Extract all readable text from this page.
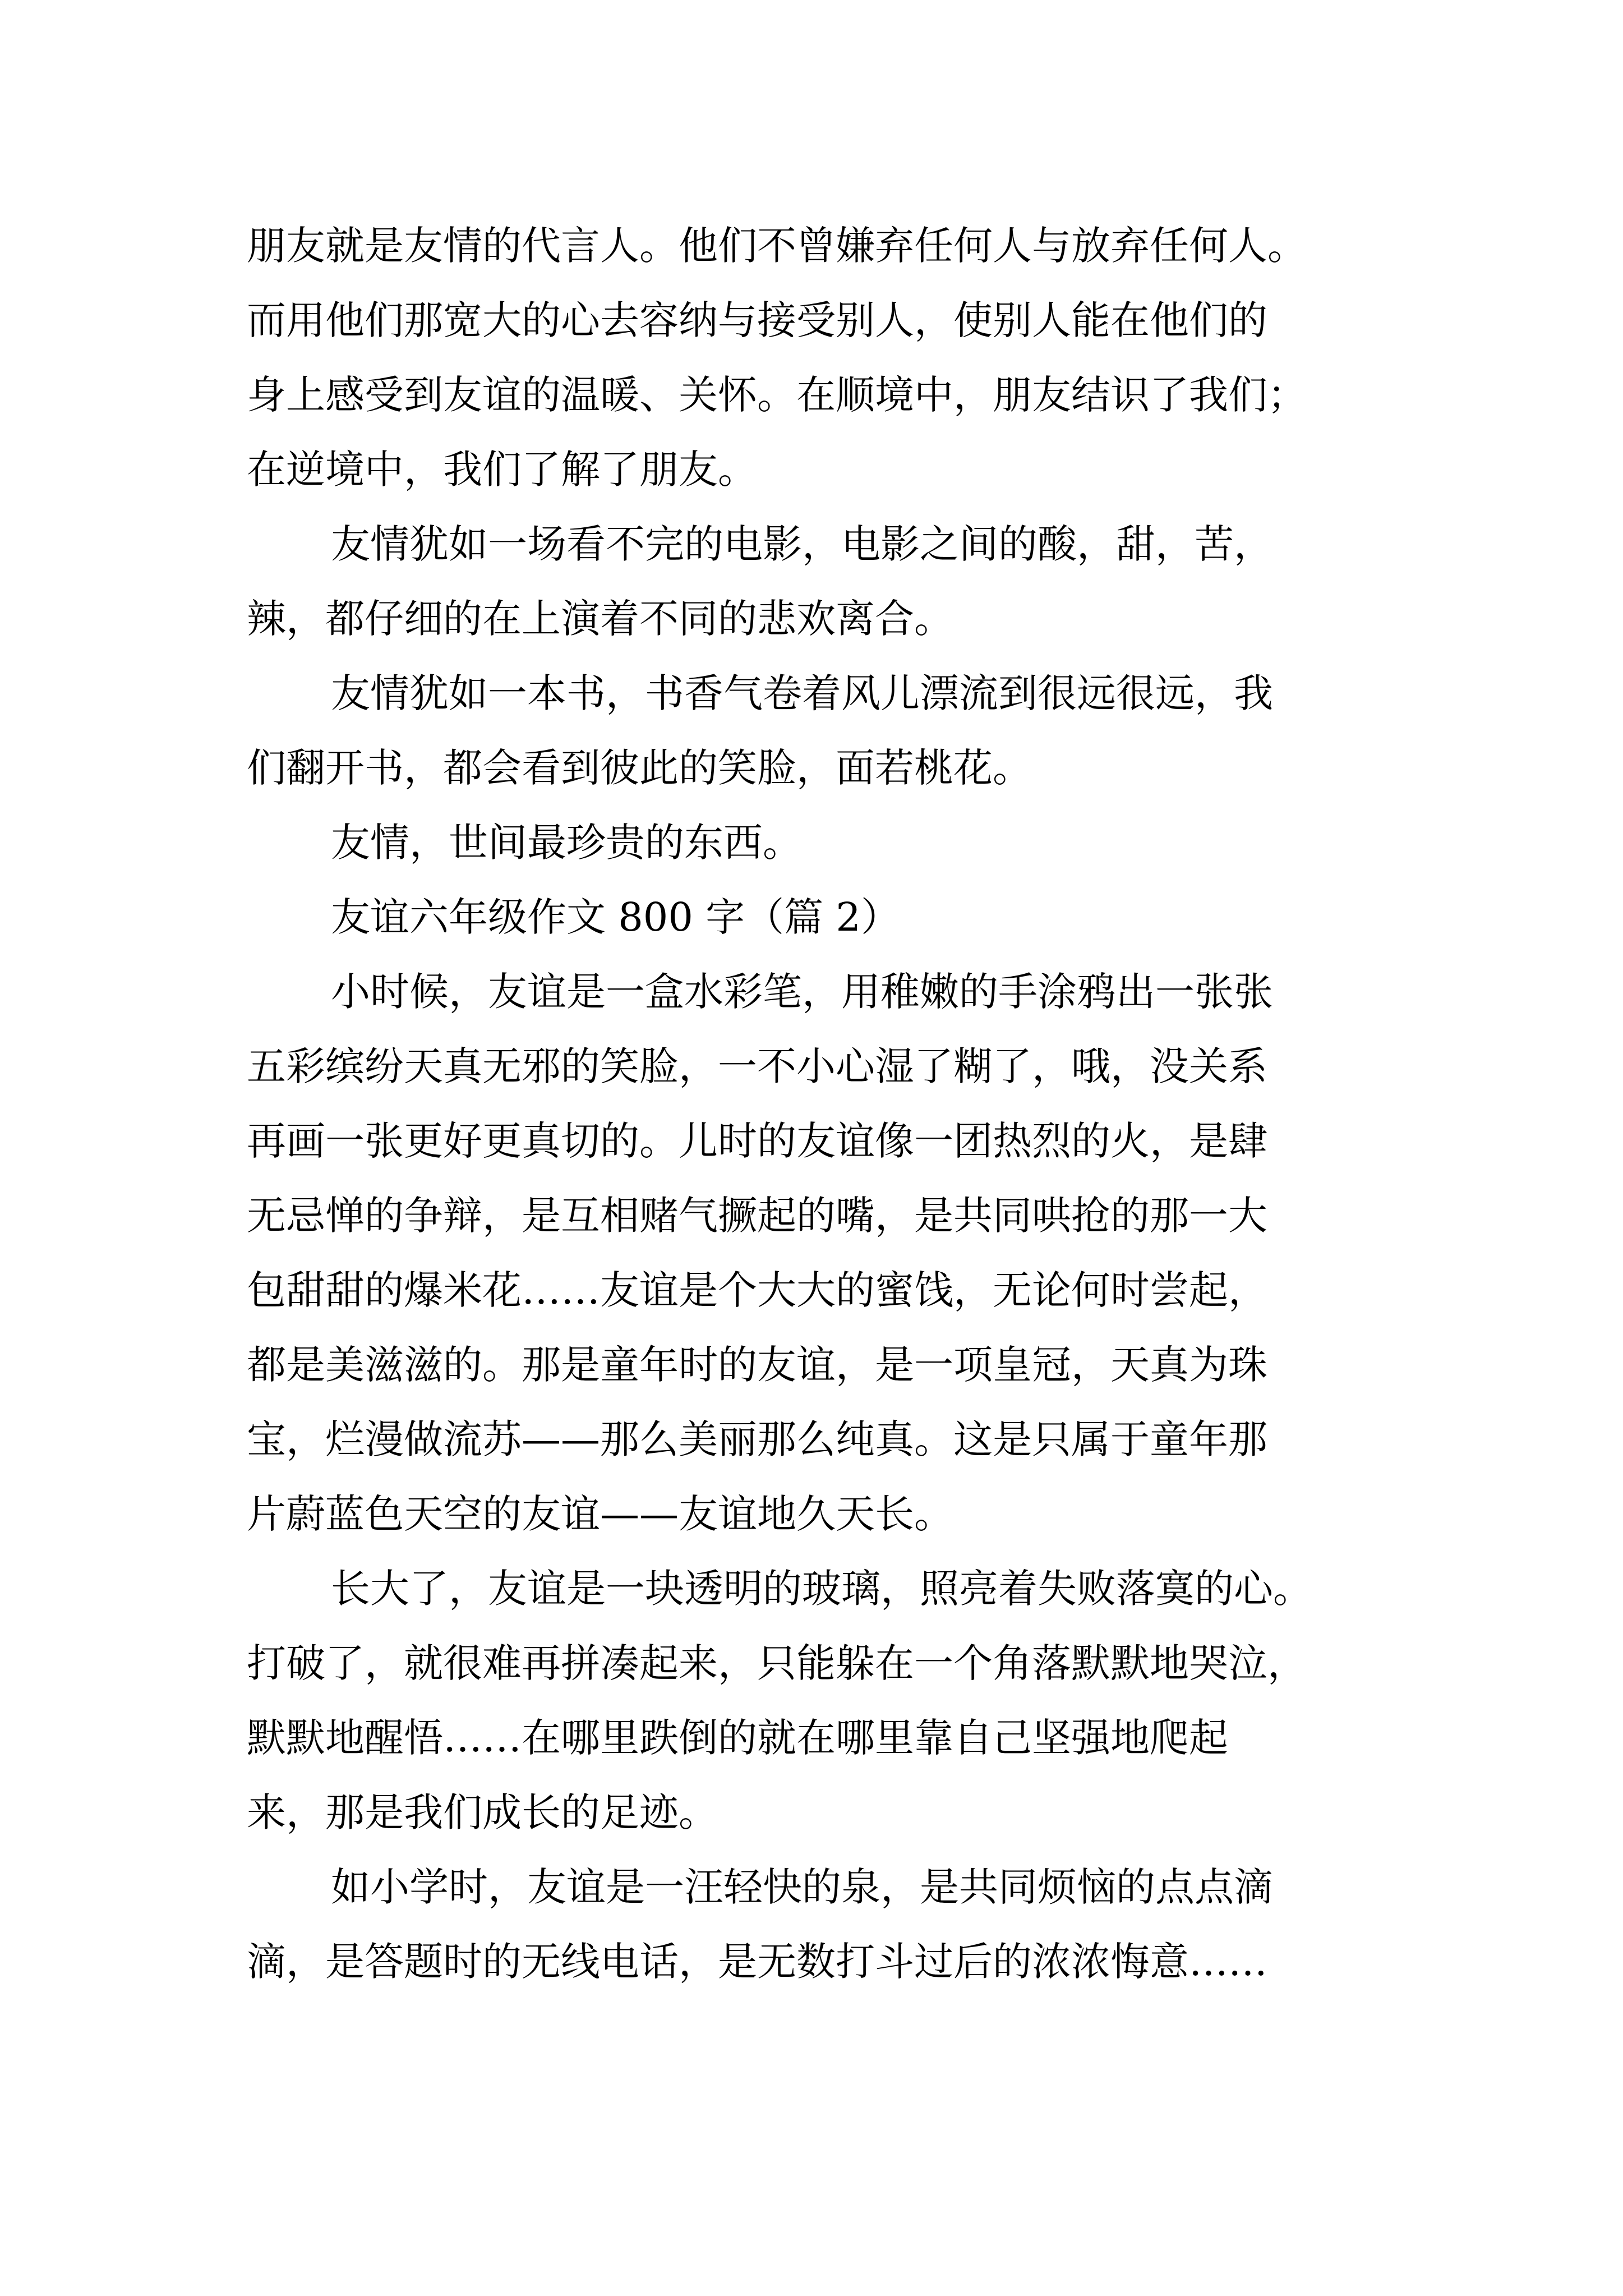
朋友就是友情的代言人。他们不曾嫌弃任何人与放弃任何人。

而用他们那宽大的心去容纳与接受别人，使别人能在他们的

身上感受到友谊的温暖、关怀。在顺境中，朋友结识了我们；

在逆境中，我们了解了朋友。

友情犹如一场看不完的电影，电影之间的酸，甜，苦，

辣，都仔细的在上演着不同的悲欢离合。

友情犹如一本书，书香气卷着风儿漂流到很远很远，我

们翻开书，都会看到彼此的笑脸，面若桃花。

友情，世间最珍贵的东西。

友谊六年级作文 800 字（篇 2）

小时候，友谊是一盒水彩笔，用稚嫩的手涂鸦出一张张

五彩缤纷天真无邪的笑脸，一不小心湿了糊了，哦，没关系

再画一张更好更真切的。儿时的友谊像一团热烈的火，是肆

无忌惮的争辩，是互相赌气撅起的嘴，是共同哄抢的那一大

包甜甜的爆米花……友谊是个大大的蜜饯，无论何时尝起，

都是美滋滋的。那是童年时的友谊，是一项皇冠，天真为珠

宝，烂漫做流苏——那么美丽那么纯真。这是只属于童年那

片蔚蓝色天空的友谊——友谊地久天长。

长大了，友谊是一块透明的玻璃，照亮着失败落寞的心。

打破了，就很难再拼凑起来，只能躲在一个角落默默地哭泣，

默默地醒悟……在哪里跌倒的就在哪里靠自己坚强地爬起

来，那是我们成长的足迹。

如小学时，友谊是一汪轻快的泉，是共同烦恼的点点滴

滴，是答题时的无线电话，是无数打斗过后的浓浓悔意……
